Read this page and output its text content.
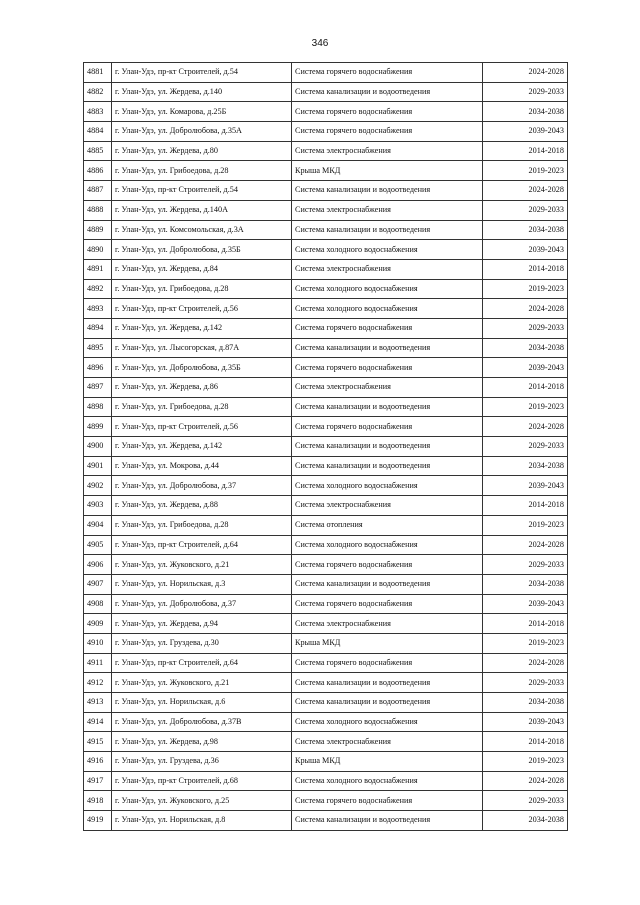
346
4881	г. Улан-Удэ, пр-кт Строителей, д.54	Система горячего водоснабжения	2024-2028
4882	г. Улан-Удэ, ул. Жердева, д.140	Система канализации и водоотведения	2029-2033
4883	г. Улан-Удэ, ул. Комарова, д.25Б	Система горячего водоснабжения	2034-2038
4884	г. Улан-Удэ, ул. Добролюбова, д.35А	Система горячего водоснабжения	2039-2043
4885	г. Улан-Удэ, ул. Жердева, д.80	Система электроснабжения	2014-2018
4886	г. Улан-Удэ, ул. Грибоедова, д.28	Крыша МКД	2019-2023
4887	г. Улан-Удэ, пр-кт Строителей, д.54	Система канализации и водоотведения	2024-2028
4888	г. Улан-Удэ, ул. Жердева, д.140А	Система электроснабжения	2029-2033
4889	г. Улан-Удэ, ул. Комсомольская, д.3А	Система канализации и водоотведения	2034-2038
4890	г. Улан-Удэ, ул. Добролюбова, д.35Б	Система холодного водоснабжения	2039-2043
4891	г. Улан-Удэ, ул. Жердева, д.84	Система электроснабжения	2014-2018
4892	г. Улан-Удэ, ул. Грибоедова, д.28	Система холодного водоснабжения	2019-2023
4893	г. Улан-Удэ, пр-кт Строителей, д.56	Система холодного водоснабжения	2024-2028
4894	г. Улан-Удэ, ул. Жердева, д.142	Система горячего водоснабжения	2029-2033
4895	г. Улан-Удэ, ул. Лысогорская, д.87А	Система канализации и водоотведения	2034-2038
4896	г. Улан-Удэ, ул. Добролюбова, д.35Б	Система горячего водоснабжения	2039-2043
4897	г. Улан-Удэ, ул. Жердева, д.86	Система электроснабжения	2014-2018
4898	г. Улан-Удэ, ул. Грибоедова, д.28	Система канализации и водоотведения	2019-2023
4899	г. Улан-Удэ, пр-кт Строителей, д.56	Система горячего водоснабжения	2024-2028
4900	г. Улан-Удэ, ул. Жердева, д.142	Система канализации и водоотведения	2029-2033
4901	г. Улан-Удэ, ул. Мокрова, д.44	Система канализации и водоотведения	2034-2038
4902	г. Улан-Удэ, ул. Добролюбова, д.37	Система холодного водоснабжения	2039-2043
4903	г. Улан-Удэ, ул. Жердева, д.88	Система электроснабжения	2014-2018
4904	г. Улан-Удэ, ул. Грибоедова, д.28	Система отопления	2019-2023
4905	г. Улан-Удэ, пр-кт Строителей, д.64	Система холодного водоснабжения	2024-2028
4906	г. Улан-Удэ, ул. Жуковского, д.21	Система горячего водоснабжения	2029-2033
4907	г. Улан-Удэ, ул. Норильская, д.3	Система канализации и водоотведения	2034-2038
4908	г. Улан-Удэ, ул. Добролюбова, д.37	Система горячего водоснабжения	2039-2043
4909	г. Улан-Удэ, ул. Жердева, д.94	Система электроснабжения	2014-2018
4910	г. Улан-Удэ, ул. Груздева, д.30	Крыша МКД	2019-2023
4911	г. Улан-Удэ, пр-кт Строителей, д.64	Система горячего водоснабжения	2024-2028
4912	г. Улан-Удэ, ул. Жуковского, д.21	Система канализации и водоотведения	2029-2033
4913	г. Улан-Удэ, ул. Норильская, д.6	Система канализации и водоотведения	2034-2038
4914	г. Улан-Удэ, ул. Добролюбова, д.37В	Система холодного водоснабжения	2039-2043
4915	г. Улан-Удэ, ул. Жердева, д.98	Система электроснабжения	2014-2018
4916	г. Улан-Удэ, ул. Груздева, д.36	Крыша МКД	2019-2023
4917	г. Улан-Удэ, пр-кт Строителей, д.68	Система холодного водоснабжения	2024-2028
4918	г. Улан-Удэ, ул. Жуковского, д.25	Система горячего водоснабжения	2029-2033
4919	г. Улан-Удэ, ул. Норильская, д.8	Система канализации и водоотведения	2034-2038
